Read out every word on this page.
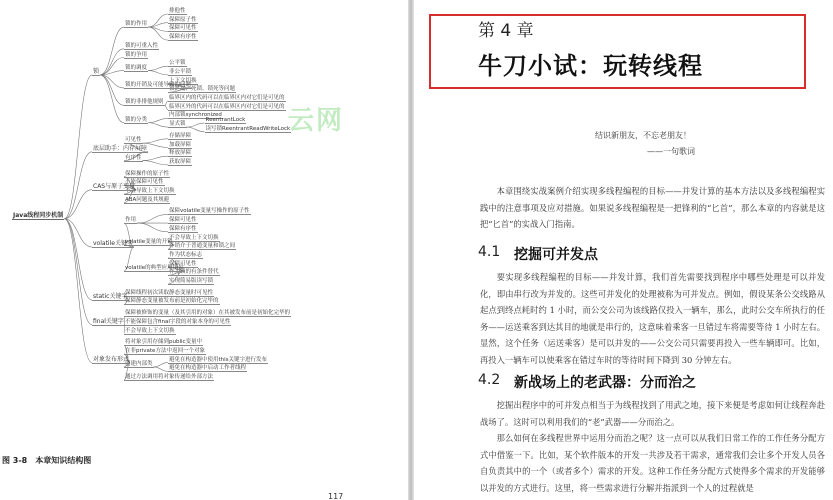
排他性
保障原子性
保障可见性
保障有序性
锁的作用
锁的可重入性
锁的争用
公平锁
非公平锁
锁的调度
上下文切换
锁泄漏、死锁、锁死等问题
锁的开销及可能导致的问题
临界区内的代码可以在临界区内对它们是可见的
临界区外的代码可以在临界区内对它们是可见的
锁的非排他规则
内部锁synchronized
显式锁
锁的分类
锁
存储屏障
加载屏障
可见性
释放屏障
获取屏障
有序性
底层助手：内存屏障
保障操作的原子性
不能保障可见性
不会导致上下文切换
ABA问题及其规避
CAS与原子变量
保障volatile变量写操作的原子性
保障可见性
保障有序性
作用
不会导致上下文切换
开销介于普通变量和锁之间
volatile变量的开销
作为状态标志
保障可见性
作为锁的有条件替代
实现简易版读写锁
volatile的典型应用场景
volatile关键字
保障线程初次读取静态变量时可见性
保障静态变量被发布前是初始化完毕的
static关键字
保障被修饰的变量（及其引用的对象）在其被发布前是初始化完毕的
不能保障包含final字段的对象本身的可见性
不会导致上下文切换
final关键字
将对象引用存储到public变量中
在非private方法中返回一个对象
避免在构造器中使用this关键字进行发布
避免在构造器中启动工作者线程
创建内部类
通过方法调用将对象传递给外部方法
对象发布形式
ReentrantLock
读写锁ReentrantReadWriteLock
Java线程同步机制
云网
图 3-8　本章知识结构图
117
第 4 章
牛刀小试：玩转线程
结识新朋友，不忘老朋友！
——一句歌词
本章围绕实战案例介绍实现多线程编程的目标——并发计算的基本方法以及多线程编程实践中的注意事项及应对措施。如果说多线程编程是一把锋利的“匕首”，那么本章的内容就是这把“匕首”的实战入门指南。
4.1 挖掘可并发点
要实现多线程编程的目标——并发计算，我们首先需要找到程序中哪些处理是可以并发化，即由串行改为并发的。这些可并发化的处理被称为可并发点。例如，假设某条公交线路从起点到终点耗时约 1 小时，而公交公司为该线路仅投入一辆车，那么，此时公交车所执行的任务——运送乘客到达其目的地就是串行的，这意味着乘客一旦错过车将需要等待 1 小时左右。显然，这个任务（运送乘客）是可以并发的——公交公司只需要再投入一些车辆即可。比如，再投入一辆车可以使乘客在错过车时的等待时间下降到 30 分钟左右。
4.2 新战场上的老武器：分而治之
挖掘出程序中的可并发点相当于为线程找到了用武之地，接下来便是考虑如何让线程奔赴战场了。这时可以利用我们的“老”武器——分而治之。
那么如何在多线程世界中运用分而治之呢？这一点可以从我们日常工作的工作任务分配方式中借鉴一下。比如，某个软件版本的开发一共涉及若干需求，通常我们会让多个开发人员各自负责其中的一个（或者多个）需求的开发。这种工作任务分配方式使得多个需求的开发能够以并发的方式进行。这里，将一些需求进行分解并指派到一个人的过程就是
